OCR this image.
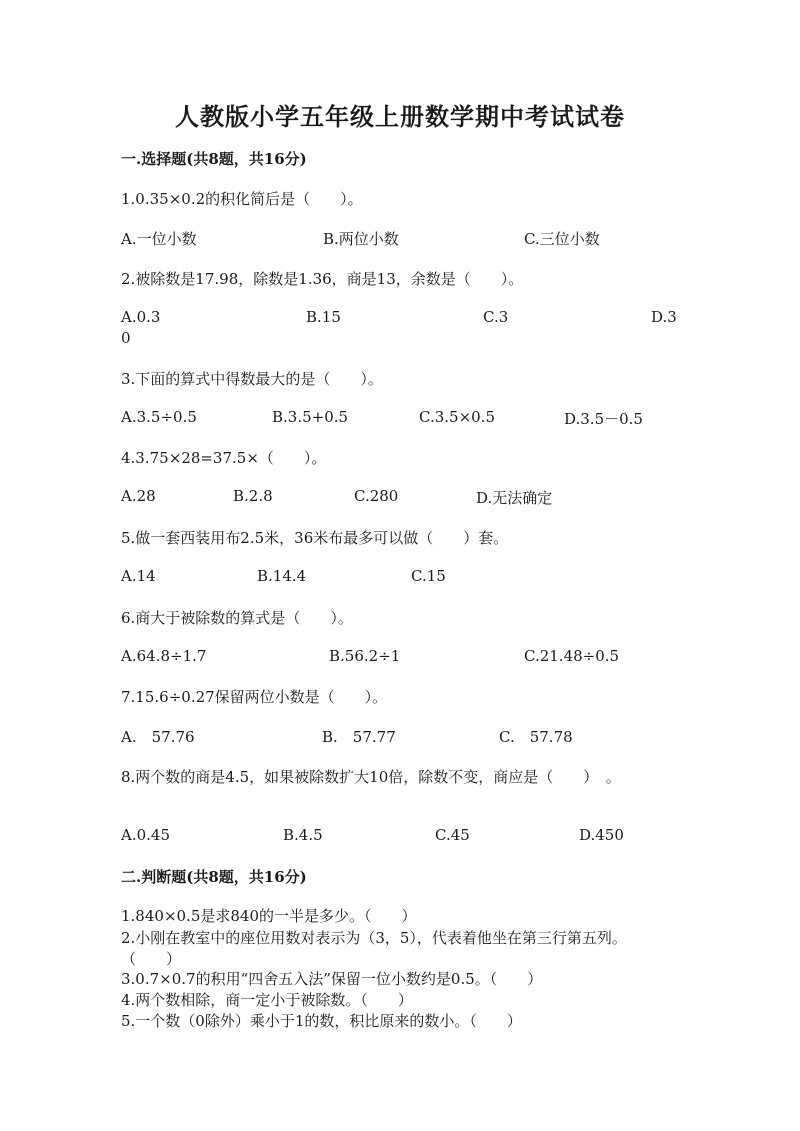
人教版小学五年级上册数学期中考试试卷
一.选择题(共8题，共16分)
1.0.35×0.2的积化简后是（　　）。
A.一位小数	B.两位小数	C.三位小数
2.被除数是17.98，除数是1.36，商是13，余数是（　　）。
A.0.3	B.15	C.3	D.3
0
3.下面的算式中得数最大的是（　　）。
A.3.5÷0.5	B.3.5+0.5	C.3.5×0.5	D.3.5－0.5
4.3.75×28=37.5×（　　）。
A.28	B.2.8	C.280	D.无法确定
5.做一套西装用布2.5米，36米布最多可以做（　　）套。
A.14	B.14.4	C.15
6.商大于被除数的算式是（　　）。
A.64.8÷1.7	B.56.2÷1	C.21.48÷0.5
7.15.6÷0.27保留两位小数是（　　）。
A.　57.76	B.　57.77	C.　57.78
8.两个数的商是4.5，如果被除数扩大10倍，除数不变，商应是（　　）　。
A.0.45	B.4.5	C.45	D.450
二.判断题(共8题，共16分)
1.840×0.5是求840的一半是多少。（　　）
2.小刚在教室中的座位用数对表示为（3，5），代表着他坐在第三行第五列。
（　　）
3.0.7×0.7的积用“四舍五入法”保留一位小数约是0.5。（　　）
4.两个数相除，商一定小于被除数。（　　）
5.一个数（0除外）乘小于1的数，积比原来的数小。（　　）
